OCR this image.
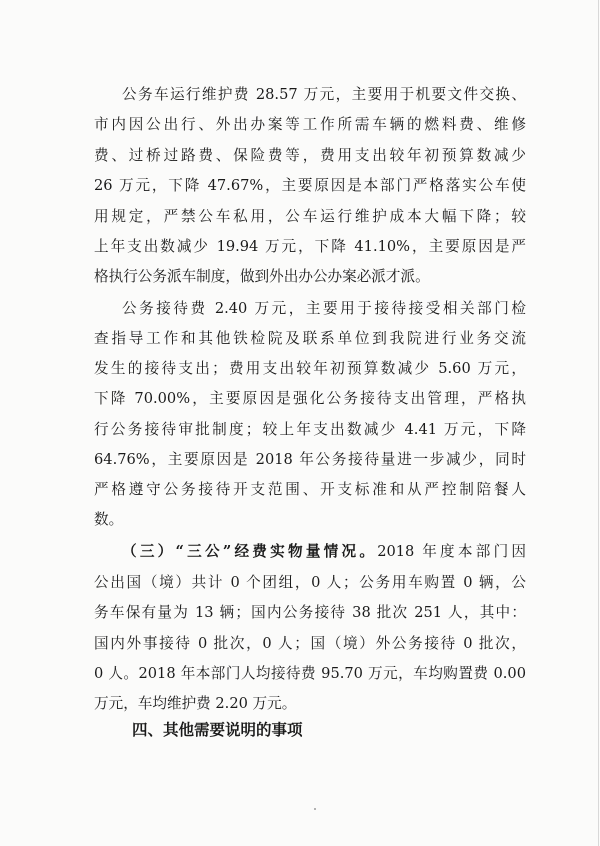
公务车运行维护费 28.57 万元，主要用于机要文件交换、
市内因公出行、外出办案等工作所需车辆的燃料费、维修
费、过桥过路费、保险费等，费用支出较年初预算数减少
26 万元，下降 47.67%，主要原因是本部门严格落实公车使
用规定，严禁公车私用，公车运行维护成本大幅下降；较
上年支出数减少 19.94 万元，下降 41.10%，主要原因是严
格执行公务派车制度，做到外出办公办案必派才派。
公务接待费 2.40 万元，主要用于接待接受相关部门检
查指导工作和其他铁检院及联系单位到我院进行业务交流
发生的接待支出；费用支出较年初预算数减少 5.60 万元，
下降 70.00%，主要原因是强化公务接待支出管理，严格执
行公务接待审批制度；较上年支出数减少 4.41 万元，下降
64.76%，主要原因是 2018 年公务接待量进一步减少，同时
严格遵守公务接待开支范围、开支标准和从严控制陪餐人
数。
（三）“三公”经费实物量情况。2018 年度本部门因
公出国（境）共计 0 个团组，0 人；公务用车购置 0 辆，公
务车保有量为 13 辆；国内公务接待 38 批次 251 人，其中：
国内外事接待 0 批次，0 人；国（境）外公务接待 0 批次，
0 人。2018 年本部门人均接待费 95.70 万元，车均购置费 0.00
万元，车均维护费 2.20 万元。
四、其他需要说明的事项
